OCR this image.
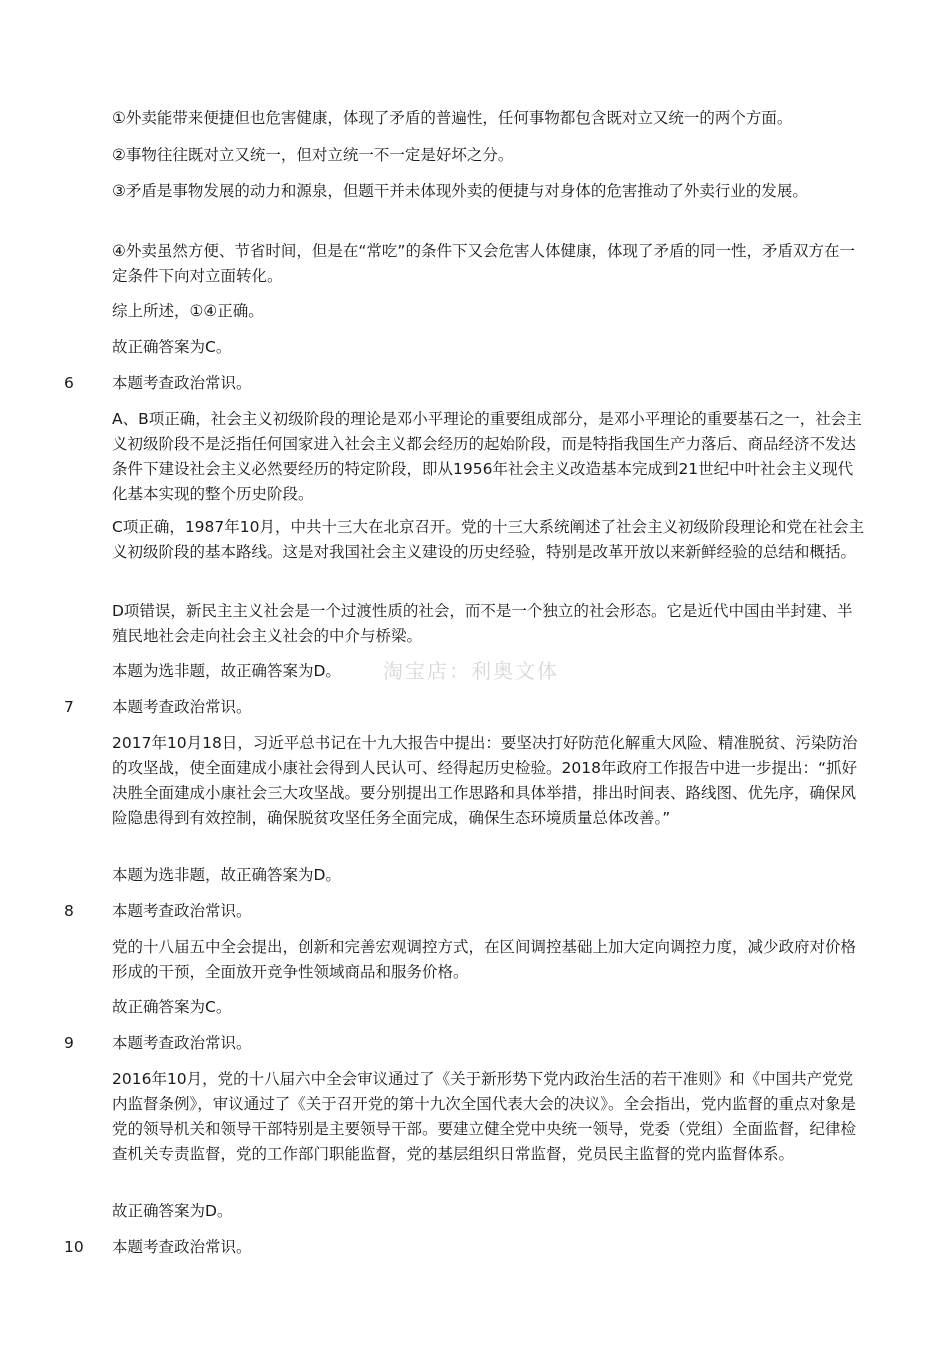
①外卖能带来便捷但也危害健康，体现了矛盾的普遍性，任何事物都包含既对立又统一的两个方面。

②事物往往既对立又统一，但对立统一不一定是好坏之分。

③矛盾是事物发展的动力和源泉，但题干并未体现外卖的便捷与对身体的危害推动了外卖行业的发展。

④外卖虽然方便、节省时间，但是在“常吃”的条件下又会危害人体健康，体现了矛盾的同一性，矛盾双方在一定条件下向对立面转化。

综上所述，①④正确。

故正确答案为C。

6 本题考查政治常识。

A、B项正确，社会主义初级阶段的理论是邓小平理论的重要组成部分，是邓小平理论的重要基石之一，社会主义初级阶段不是泛指任何国家进入社会主义都会经历的起始阶段，而是特指我国生产力落后、商品经济不发达条件下建设社会主义必然要经历的特定阶段，即从1956年社会主义改造基本完成到21世纪中叶社会主义现代化基本实现的整个历史阶段。

C项正确，1987年10月，中共十三大在北京召开。党的十三大系统阐述了社会主义初级阶段理论和党在社会主义初级阶段的基本路线。这是对我国社会主义建设的历史经验，特别是改革开放以来新鲜经验的总结和概括。

D项错误，新民主主义社会是一个过渡性质的社会，而不是一个独立的社会形态。它是近代中国由半封建、半殖民地社会走向社会主义社会的中介与桥梁。

本题为选非题，故正确答案为D。	淘宝店：利奥文体
7 本题考查政治常识。

2017年10月18日，习近平总书记在十九大报告中提出：要坚决打好防范化解重大风险、精准脱贫、污染防治的攻坚战，使全面建成小康社会得到人民认可、经得起历史检验。2018年政府工作报告中进一步提出：“抓好决胜全面建成小康社会三大攻坚战。要分别提出工作思路和具体举措，排出时间表、路线图、优先序，确保风险隐患得到有效控制，确保脱贫攻坚任务全面完成，确保生态环境质量总体改善。”

本题为选非题，故正确答案为D。

8 本题考查政治常识。

党的十八届五中全会提出，创新和完善宏观调控方式，在区间调控基础上加大定向调控力度，减少政府对价格形成的干预，全面放开竞争性领域商品和服务价格。

故正确答案为C。

9 本题考查政治常识。

2016年10月，党的十八届六中全会审议通过了《关于新形势下党内政治生活的若干准则》和《中国共产党党内监督条例》，审议通过了《关于召开党的第十九次全国代表大会的决议》。全会指出，党内监督的重点对象是党的领导机关和领导干部特别是主要领导干部。要建立健全党中央统一领导，党委（党组）全面监督，纪律检查机关专责监督，党的工作部门职能监督，党的基层组织日常监督，党员民主监督的党内监督体系。

故正确答案为D。

10 本题考查政治常识。
